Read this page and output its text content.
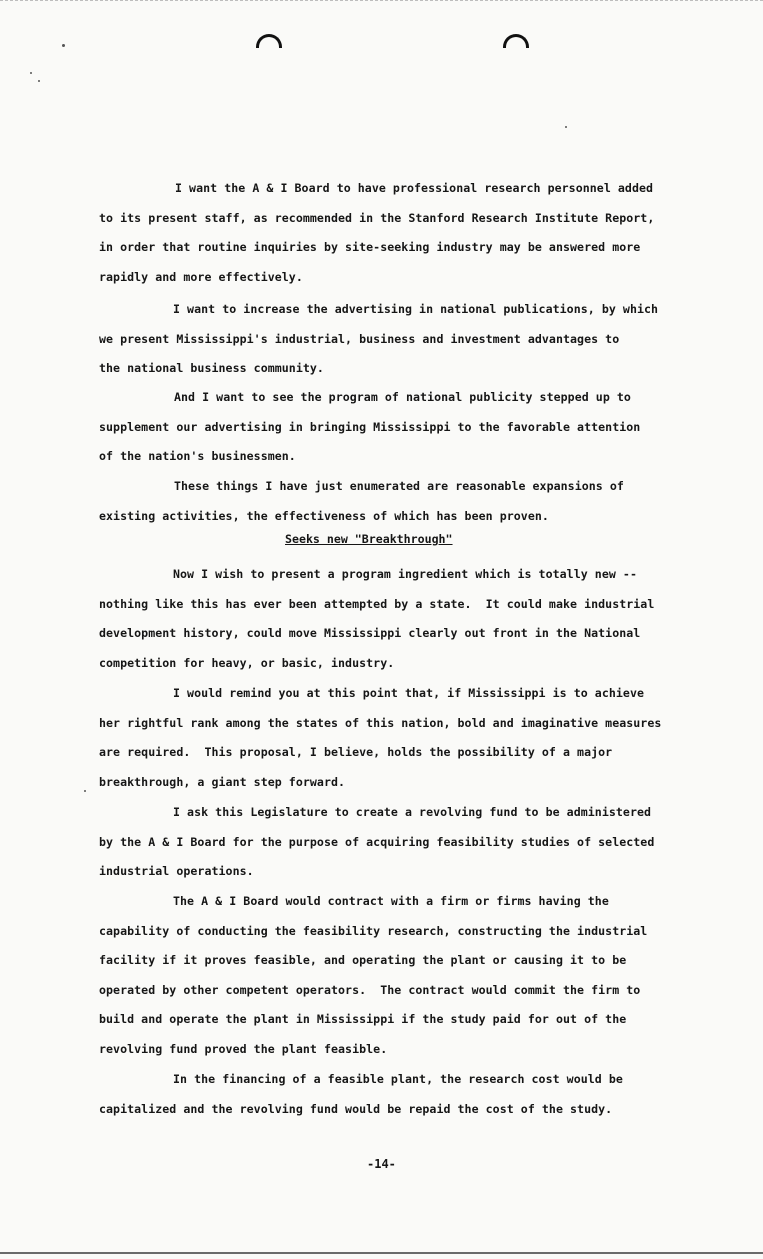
I want the A & I Board to have professional research personnel added
to its present staff, as recommended in the Stanford Research Institute Report,
in order that routine inquiries by site-seeking industry may be answered more
rapidly and more effectively.
I want to increase the advertising in national publications, by which
we present Mississippi's industrial, business and investment advantages to
the national business community.
And I want to see the program of national publicity stepped up to
supplement our advertising in bringing Mississippi to the favorable attention
of the nation's businessmen.
These things I have just enumerated are reasonable expansions of
existing activities, the effectiveness of which has been proven.
Now I wish to present a program ingredient which is totally new --
nothing like this has ever been attempted by a state.  It could make industrial
development history, could move Mississippi clearly out front in the National
competition for heavy, or basic, industry.
I would remind you at this point that, if Mississippi is to achieve
her rightful rank among the states of this nation, bold and imaginative measures
are required.  This proposal, I believe, holds the possibility of a major
breakthrough, a giant step forward.
I ask this Legislature to create a revolving fund to be administered
by the A & I Board for the purpose of acquiring feasibility studies of selected
industrial operations.
The A & I Board would contract with a firm or firms having the
capability of conducting the feasibility research, constructing the industrial
facility if it proves feasible, and operating the plant or causing it to be
operated by other competent operators.  The contract would commit the firm to
build and operate the plant in Mississippi if the study paid for out of the
revolving fund proved the plant feasible.
In the financing of a feasible plant, the research cost would be
capitalized and the revolving fund would be repaid the cost of the study.
Seeks new "Breakthrough"
-14-
